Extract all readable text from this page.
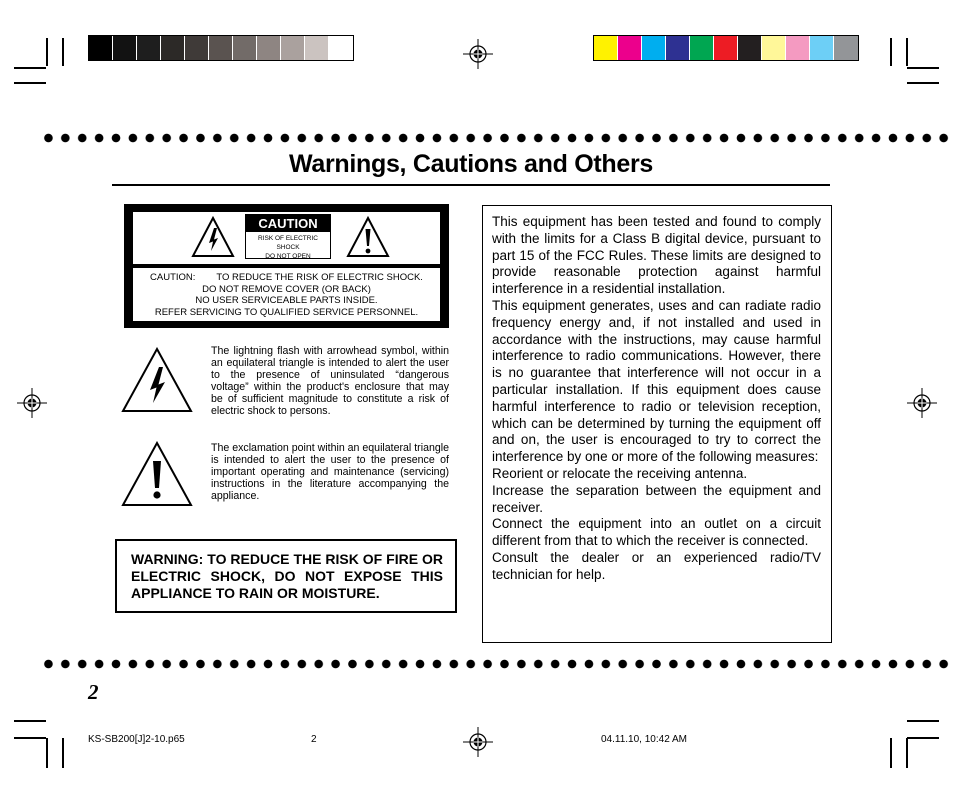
Warnings, Cautions and Others
CAUTION
RISK OF ELECTRIC SHOCK
DO NOT OPEN
CAUTION:        TO REDUCE THE RISK OF ELECTRIC SHOCK.
DO NOT REMOVE COVER (OR BACK)
NO USER SERVICEABLE PARTS INSIDE.
REFER SERVICING TO QUALIFIED SERVICE PERSONNEL.
The lightning flash with arrowhead symbol, within an equilateral triangle is intended to alert the user to the presence of uninsulated “dangerous voltage” within the product's enclosure that may be of sufficient magnitude to constitute a risk of electric shock to persons.
The exclamation point within an equilateral triangle is intended to alert the user to the presence of important operating and maintenance (servicing) instructions in the literature accompanying the appliance.
WARNING: TO REDUCE THE RISK OF FIRE OR ELECTRIC SHOCK, DO NOT EXPOSE THIS APPLIANCE TO RAIN OR MOISTURE.

This equipment has been tested and found to comply with the limits for a Class B digital device, pursuant to part 15 of the FCC Rules. These limits are designed to provide reasonable protection against harmful interference in a residential installation.

This equipment generates, uses and can radiate radio frequency energy and, if not installed and used in accordance with the instructions, may cause harmful interference to radio communications. However, there is no guarantee that interference will not occur in a particular installation. If this equipment does cause harmful interference to radio or television reception, which can be determined by turning the equipment off and on, the user is encouraged to try to correct the interference by one or more of the following measures:

Reorient or relocate the receiving antenna.

Increase the separation between the equipment and receiver.

Connect the equipment into an outlet on a circuit different from that to which the receiver is connected.

Consult the dealer or an experienced radio/TV technician for help.

2
KS-SB200[J]2-10.p65	2	04.11.10, 10:42 AM
